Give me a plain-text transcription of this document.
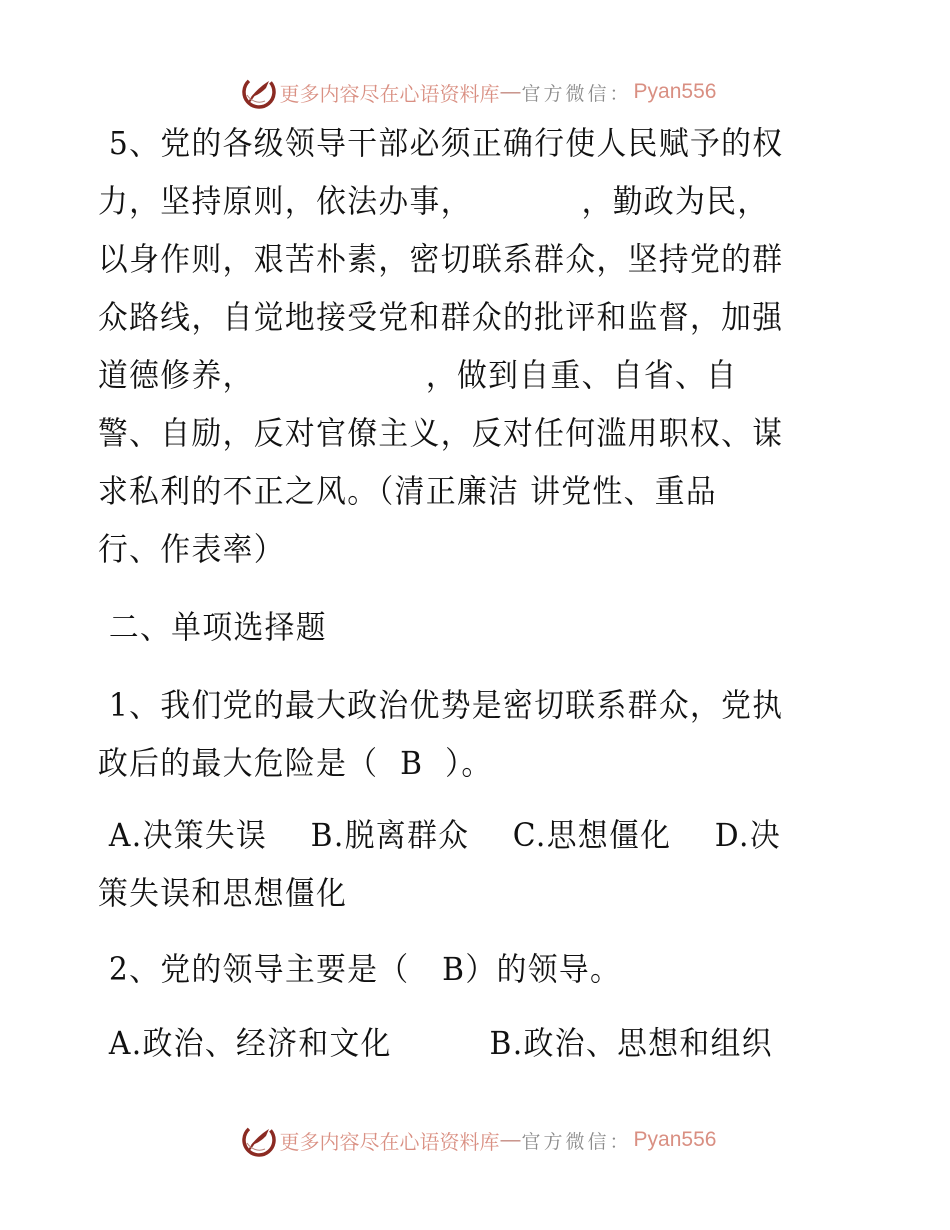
更多内容尽在心语资料库 — 官方微信： Pyan556
5、党的各级领导干部必须正确行使人民赋予的权
力，坚持原则，依法办事，　　　　，勤政为民，
以身作则，艰苦朴素，密切联系群众，坚持党的群
众路线，自觉地接受党和群众的批评和监督，加强
道德修养，　　　　　　，做到自重、自省、自
警、自励，反对官僚主义，反对任何滥用职权、谋
求私利的不正之风。（清正廉洁 讲党性、重品
行、作表率）
二、单项选择题
1、我们党的最大政治优势是密切联系群众，党执
政后的最大危险是（  B  ）。
A.决策失误    B.脱离群众    C.思想僵化    D.决
策失误和思想僵化
2、党的领导主要是（   B）的领导。
A.政治、经济和文化         B.政治、思想和组织
更多内容尽在心语资料库 — 官方微信： Pyan556
